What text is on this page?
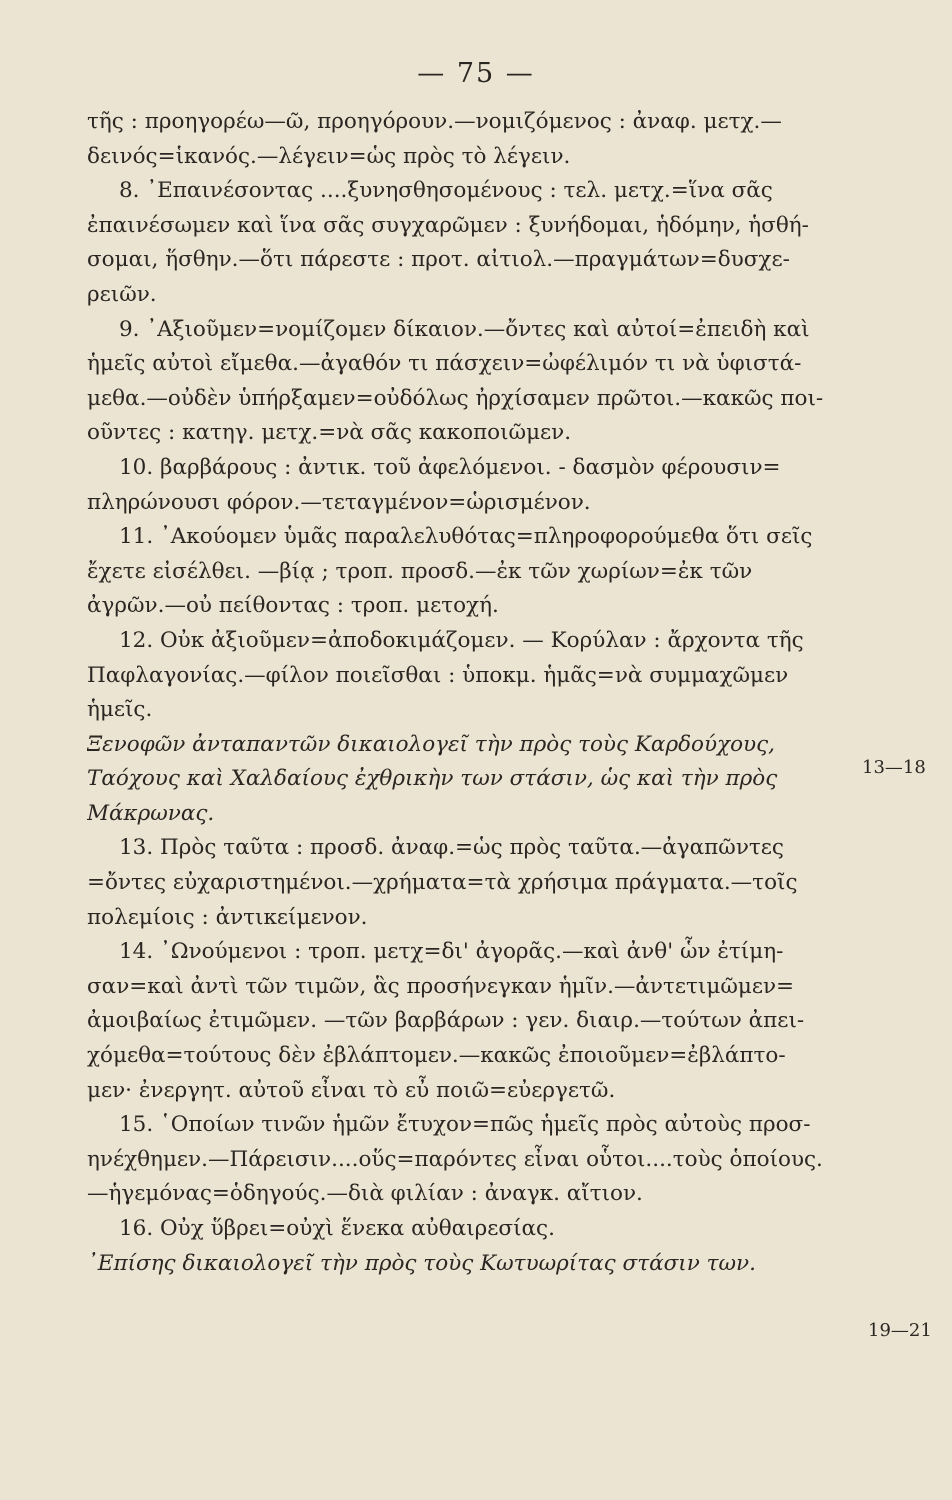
— 75 —
τῆς : προηγορέω—ῶ, προηγόρουν.—νομιζόμενος : ἀναφ. μετχ.—
δεινός=ἱκανός.—λέγειν=ὡς πρὸς τὸ λέγειν.
8. ᾿Επαινέσοντας ....ξυνησθησομένους : τελ. μετχ.=ἵνα σᾶς
ἐπαινέσωμεν καὶ ἵνα σᾶς συγχαρῶμεν : ξυνήδομαι, ἡδόμην, ἡσθή-
σομαι, ἥσθην.—ὅτι πάρεστε : προτ. αἰτιολ.—πραγμάτων=δυσχε-
ρειῶν.
9. ᾿Αξιοῦμεν=νομίζομεν δίκαιον.—ὄντες καὶ αὐτοί=ἐπειδὴ καὶ
ἡμεῖς αὐτοὶ εἴμεθα.—ἀγαθόν τι πάσχειν=ὠφέλιμόν τι νὰ ὑφιστά-
μεθα.—οὐδὲν ὑπήρξαμεν=οὐδόλως ἠρχίσαμεν πρῶτοι.—κακῶς ποι-
οῦντες : κατηγ. μετχ.=νὰ σᾶς κακοποιῶμεν.
10. βαρβάρους : ἀντικ. τοῦ ἀφελόμενοι. - δασμὸν φέρουσιν=
πληρώνουσι φόρον.—τεταγμένον=ὡρισμένον.
11. ᾿Ακούομεν ὑμᾶς παραλελυθότας=πληροφορούμεθα ὅτι σεῖς
ἔχετε εἰσέλθει. —βίᾳ ; τροπ. προσδ.—ἐκ τῶν χωρίων=ἐκ τῶν
ἀγρῶν.—οὐ πείθοντας : τροπ. μετοχή.
12. Οὐκ ἀξιοῦμεν=ἀποδοκιμάζομεν. — Κορύλαν : ἄρχοντα τῆς
Παφλαγονίας.—φίλον ποιεῖσθαι : ὑποκμ. ἡμᾶς=νὰ συμμαχῶμεν
ἡμεῖς.
Ξενοφῶν ἀνταπαντῶν δικαιολογεῖ τὴν πρὸς τοὺς Καρδούχους,
Ταόχους καὶ Χαλδαίους ἐχθρικὴν των στάσιν, ὡς καὶ τὴν πρὸς
Μάκρωνας.
13. Πρὸς ταῦτα : προσδ. ἀναφ.=ὡς πρὸς ταῦτα.—ἀγαπῶντες
=ὄντες εὐχαριστημένοι.—χρήματα=τὰ χρήσιμα πράγματα.—τοῖς
πολεμίοις : ἀντικείμενον.
14. ᾿Ωνούμενοι : τροπ. μετχ=δι' ἀγορᾶς.—καὶ ἀνθ' ὧν ἐτίμη-
σαν=καὶ ἀντὶ τῶν τιμῶν, ἃς προσήνεγκαν ἡμῖν.—ἀντετιμῶμεν=
ἀμοιβαίως ἐτιμῶμεν. —τῶν βαρβάρων : γεν. διαιρ.—τούτων ἀπει-
χόμεθα=τούτους δὲν ἐβλάπτομεν.—κακῶς ἐποιοῦμεν=ἐβλάπτο-
μεν· ἐνεργητ. αὐτοῦ εἶναι τὸ εὖ ποιῶ=εὐεργετῶ.
15. ῾Οποίων τινῶν ἡμῶν ἔτυχον=πῶς ἡμεῖς πρὸς αὐτοὺς προσ-
ηνέχθημεν.—Πάρεισιν....οὕς=παρόντες εἶναι οὗτοι....τοὺς ὁποίους.
—ἡγεμόνας=ὁδηγούς.—διὰ φιλίαν : ἀναγκ. αἴτιον.
16. Οὐχ ὕβρει=οὐχὶ ἕνεκα αὐθαιρεσίας.
᾿Επίσης δικαιολογεῖ τὴν πρὸς τοὺς Κωτυωρίτας στάσιν των.
13—18
19—21
